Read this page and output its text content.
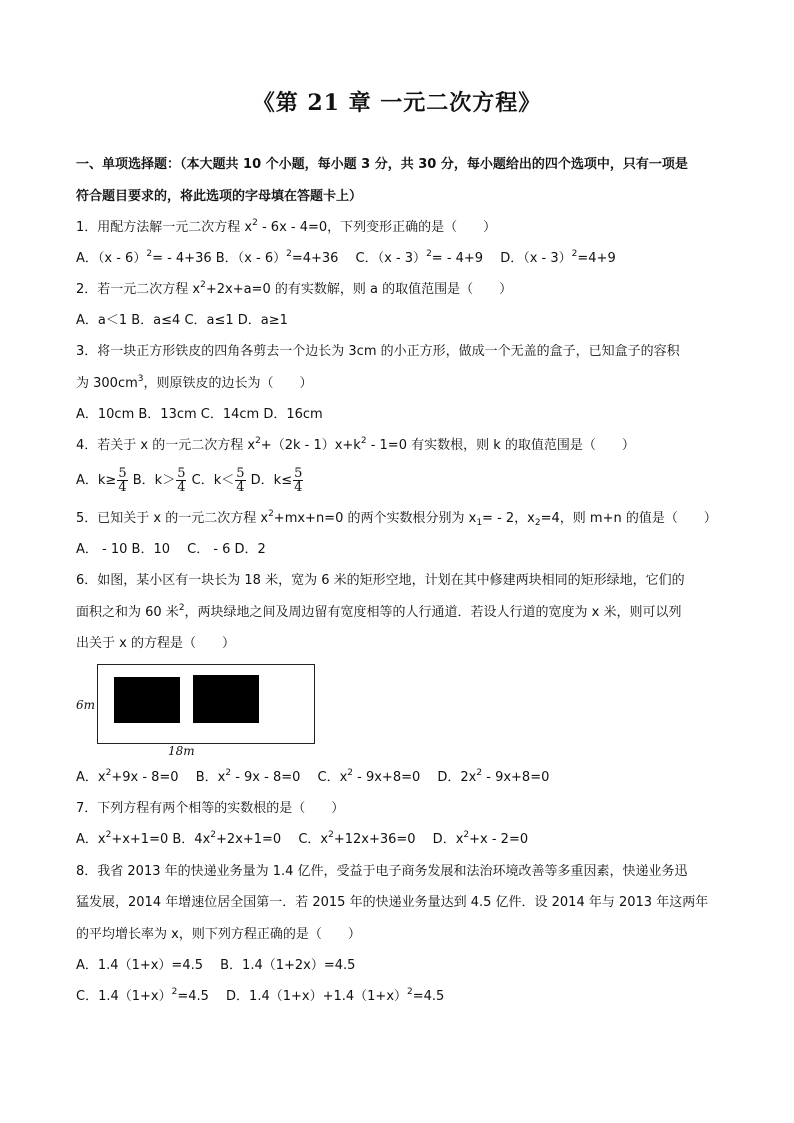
《第 21 章 一元二次方程》
一、单项选择题：（本大题共 10 个小题，每小题 3 分，共 30 分，每小题给出的四个选项中，只有一项是
符合题目要求的，将此选项的字母填在答题卡上）
1．用配方法解一元二次方程 $x^2 - 6x - 4=0$，下列变形正确的是（　　）
A．（x - 6）$^2$= - 4+36 B．（x - 6）$^2$=4+36　 C．（x - 3）$^2$= - 4+9　 D．（x - 3）$^2$=4+9
2．若一元二次方程 $x^2+2x+a=0$ 的有实数解，则 a 的取值范围是（　　）
A．a＜1 B．a≤4 C．a≤1 D．a≥1
3．将一块正方形铁皮的四角各剪去一个边长为 3cm 的小正方形，做成一个无盖的盒子，已知盒子的容积
为 $300cm^3$，则原铁皮的边长为（　　）
A．10cm B．13cm C．14cm D．16cm
4．若关于 x 的一元二次方程 $x^2+(2k - 1)x+k^2 - 1=0$ 有实数根，则 k 的取值范围是（　　）
A．$k\ge \frac{5}{4}$ B．$k> \frac{5}{4}$ C．$k< \frac{5}{4}$ D．$k\le \frac{5}{4}$
5．已知关于 x 的一元二次方程 $x^2+mx+n=0$ 的两个实数根分别为 $x_1= - 2$，$x_2=4$，则 m+n 的值是（　　）
A． - 10 B．10　 C． - 6 D．2
6．如图，某小区有一块长为 18 米，宽为 6 米的矩形空地，计划在其中修建两块相同的矩形绿地，它们的
面积之和为 60 米$^2$，两块绿地之间及周边留有宽度相等的人行通道．若设人行道的宽度为 x 米，则可以列
出关于 x 的方程是（　　）
6m
18m
A．$x^2+9x - 8=0$　 B．$x^2 - 9x - 8=0$　 C．$x^2 - 9x+8=0$　 D．$2x^2 - 9x+8=0$
7．下列方程有两个相等的实数根的是（　　）
A．$x^2+x+1=0$ B．$4x^2+2x+1=0$　 C．$x^2+12x+36=0$　 D．$x^2+x - 2=0$
8．我省 2013 年的快递业务量为 1.4 亿件，受益于电子商务发展和法治环境改善等多重因素，快递业务迅
猛发展，2014 年增速位居全国第一．若 2015 年的快递业务量达到 4.5 亿件．设 2014 年与 2013 年这两年
的平均增长率为 x，则下列方程正确的是（　　）
A．1.4（1+x）=4.5　 B．1.4（1+2x）=4.5
C．$1.4(1+x)^2=4.5$　 D．$1.4(1+x)+1.4(1+x)^2=4.5$
